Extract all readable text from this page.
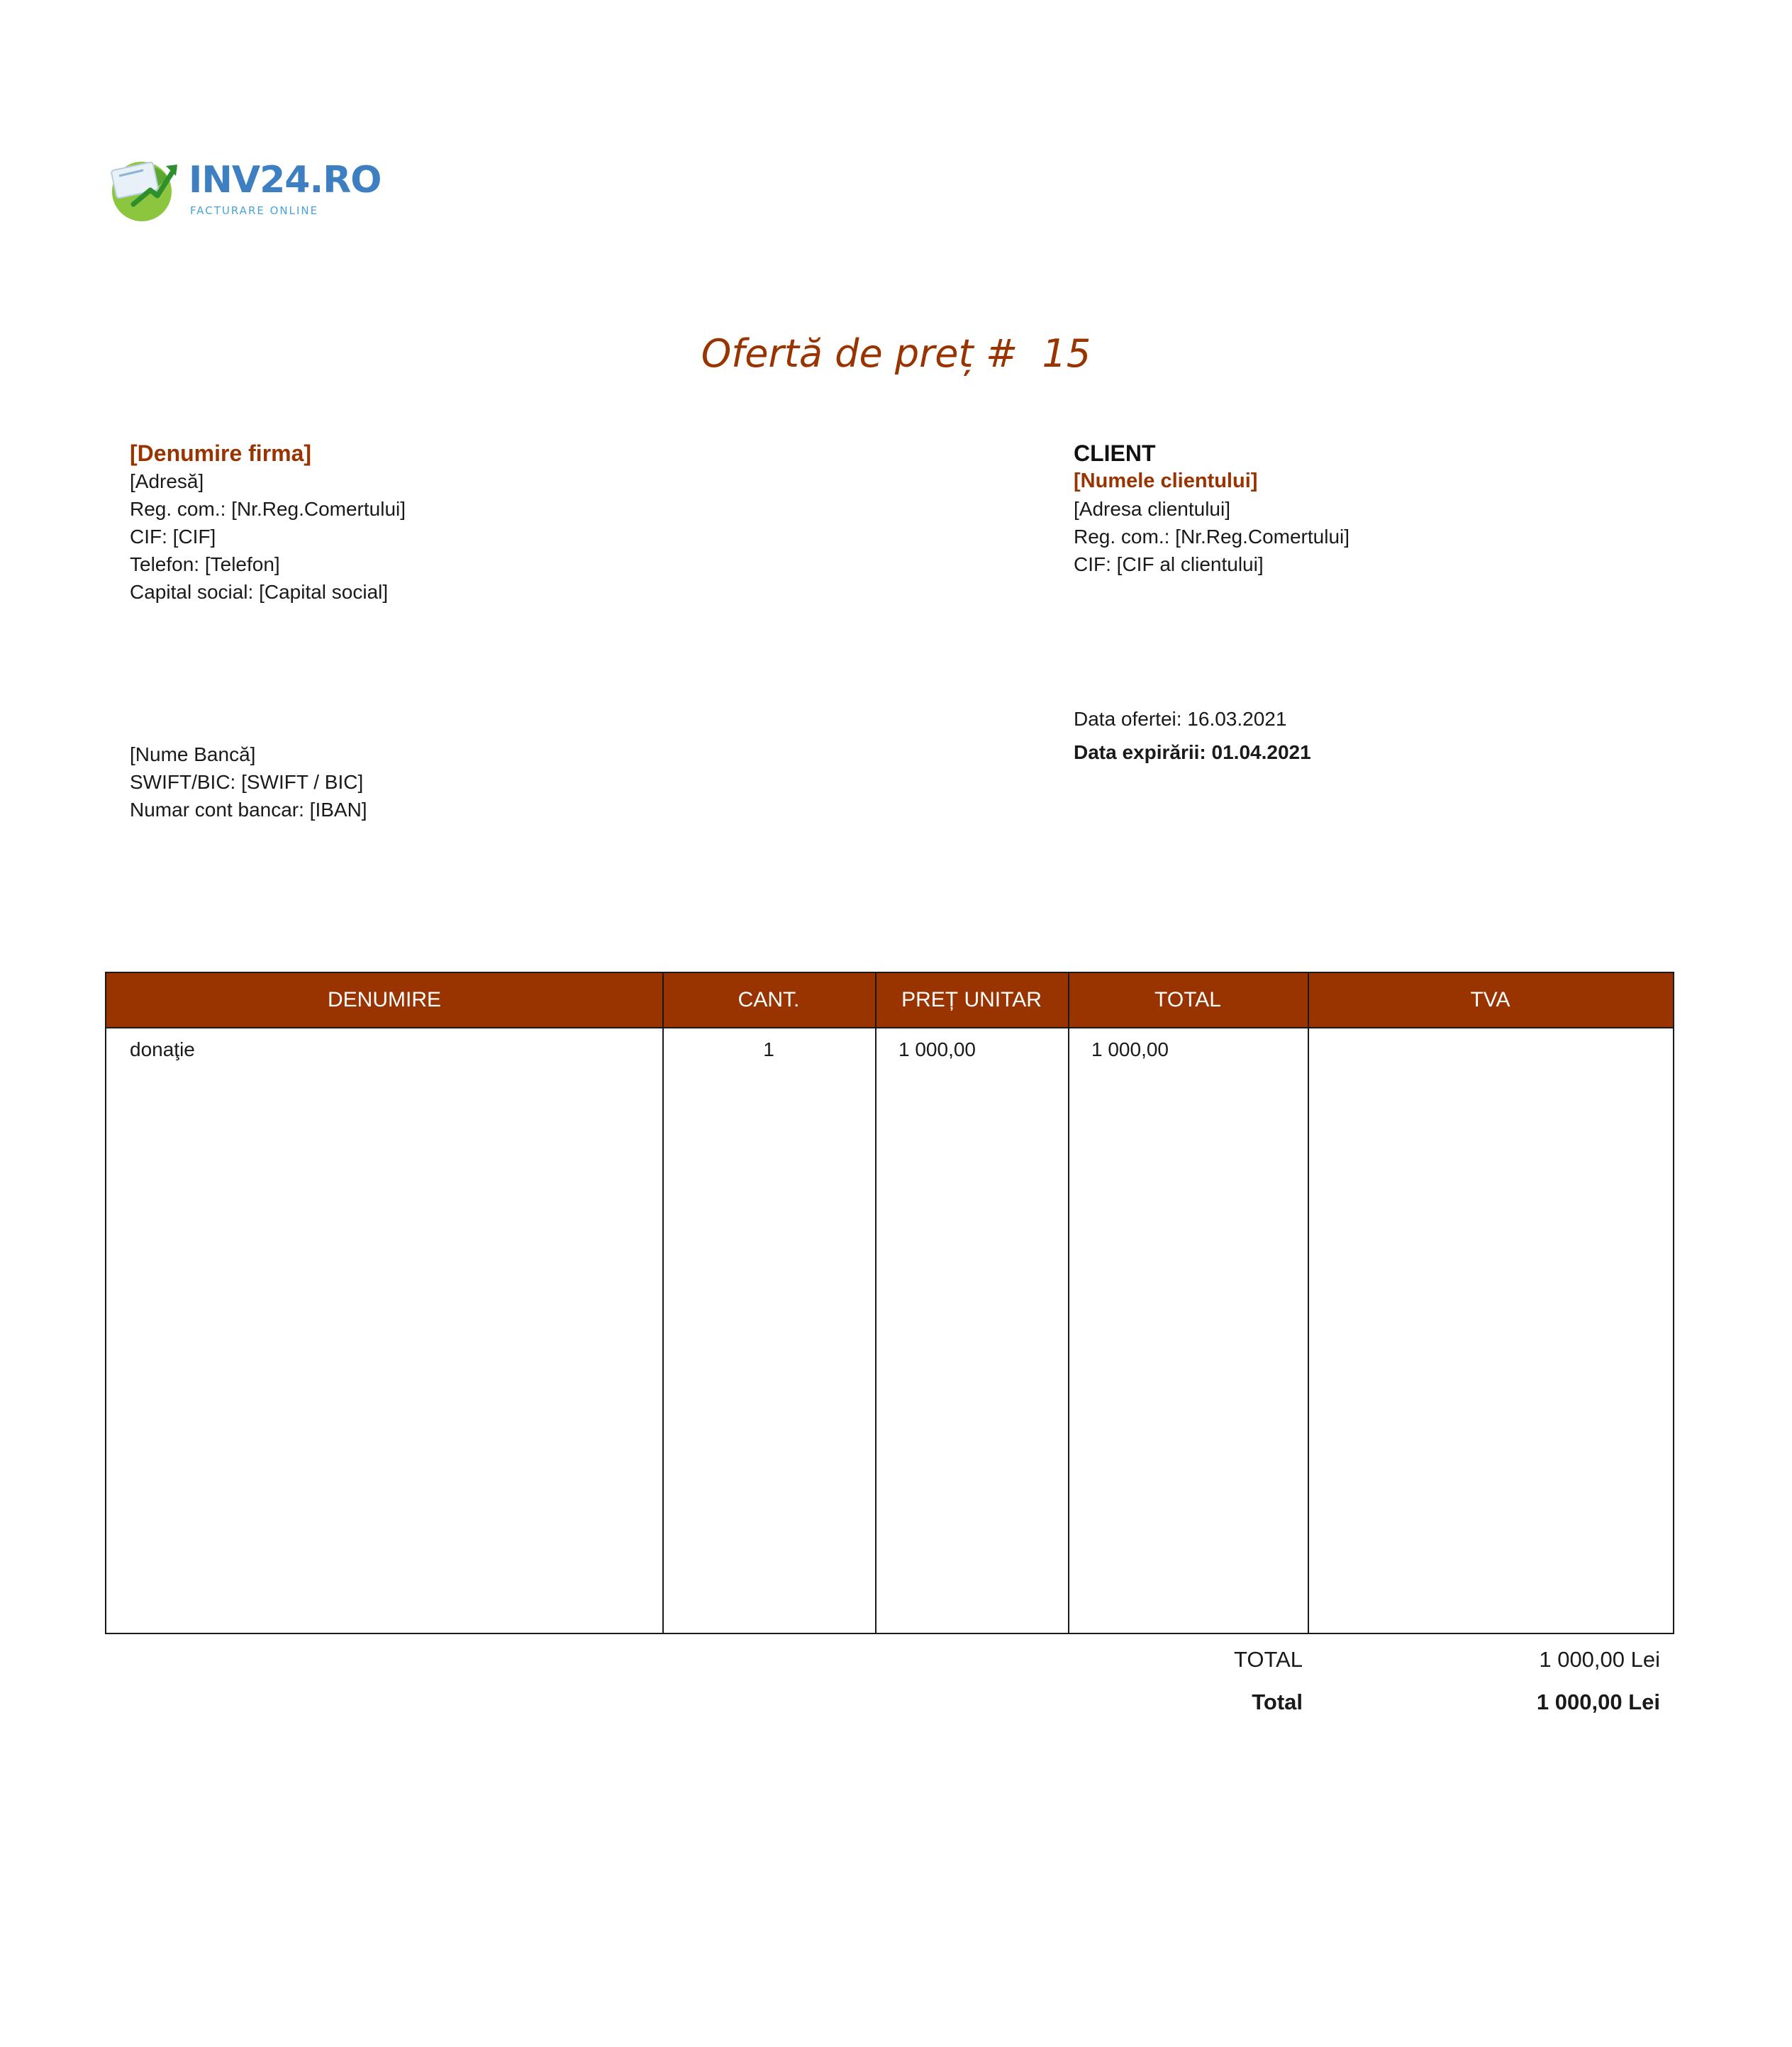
INV24.RO
FACTURARE ONLINE
Ofertă de preț # 15
[Denumire firma]
[Adresă]
Reg. com.: [Nr.Reg.Comertului]
CIF: [CIF]
Telefon: [Telefon]
Capital social: [Capital social]
CLIENT
[Numele clientului]
[Adresa clientului]
Reg. com.: [Nr.Reg.Comertului]
CIF: [CIF al clientului]
[Nume Bancă]
SWIFT/BIC: [SWIFT / BIC]
Numar cont bancar: [IBAN]
Data ofertei: 16.03.2021
Data expirării: 01.04.2021
DENUMIRE	CANT.	PREȚ UNITAR	TOTAL	TVA
donaţie	1	1 000,00	1 000,00
TOTAL	1 000,00 Lei
Total	1 000,00 Lei
